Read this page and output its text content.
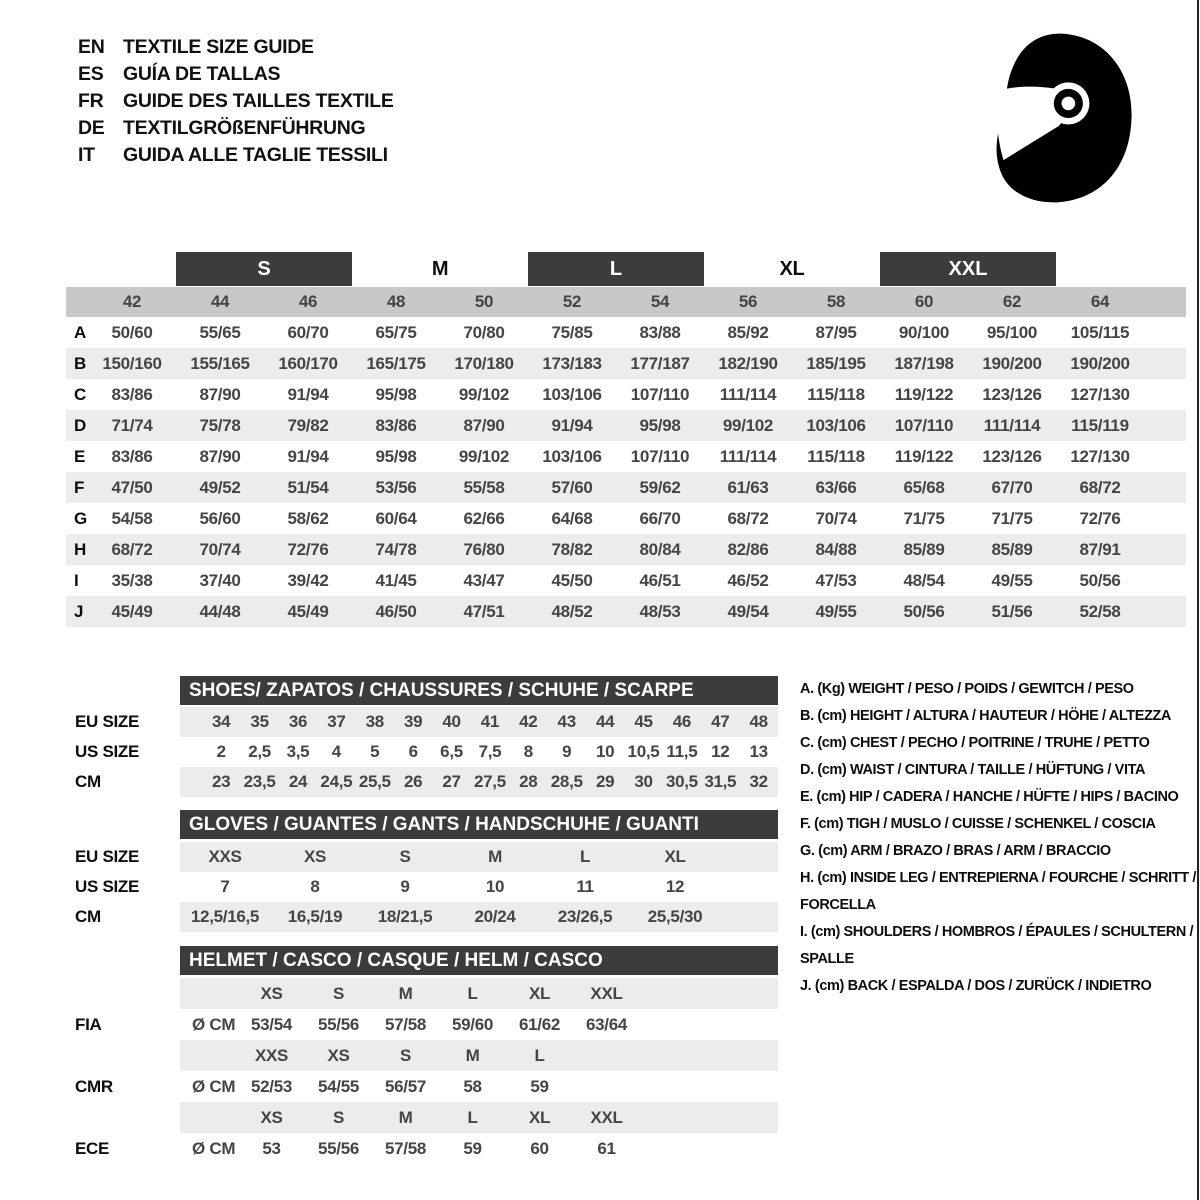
EN TEXTILE SIZE GUIDE
ES	GUÍA DE TALLAS
FR	GUIDE DES TAILLES TEXTILE
DE TEXTILGRÖßENFÜHRUNG
IT	GUIDA ALLE TAGLIE TESSILI
S	M	L	XL	XXL
42	44	46	48	50	52	54	56	58	60	62	64
A	50/60	55/65	60/70	65/75	70/80	75/85	83/88	85/92	87/95	90/100	95/100	105/115
B 150/160	155/165	160/170	165/175	170/180	173/183	177/187	182/190	185/195	187/198	190/200	190/200
C	83/86	87/90	91/94	95/98	99/102	103/106	107/110	111/114	115/118	119/122	123/126	127/130
D	71/74	75/78	79/82	83/86	87/90	91/94	95/98	99/102	103/106	107/110	111/114	115/119
E	83/86	87/90	91/94	95/98	99/102	103/106	107/110	111/114	115/118	119/122	123/126	127/130
F	47/50	49/52	51/54	53/56	55/58	57/60	59/62	61/63	63/66	65/68	67/70	68/72
G	54/58	56/60	58/62	60/64	62/66	64/68	66/70	68/72	70/74	71/75	71/75	72/76
H	68/72	70/74	72/76	74/78	76/80	78/82	80/84	82/86	84/88	85/89	85/89	87/91
I	35/38	37/40	39/42	41/45	43/47	45/50	46/51	46/52	47/53	48/54	49/55	50/56
J	45/49	44/48	45/49	46/50	47/51	48/52	48/53	49/54	49/55	50/56	51/56	52/58
SHOES/ ZAPATOS / CHAUSSURES / SCHUHE / SCARPE
EU SIZE	34	35	36	37	38	39	40	41	42	43	44	45	46	47	48
US SIZE	2	2,5 3,5	4	5	6	6,5 7,5	8	9	10 10,5 11,5 12	13
CM	23 23,5 24 24,5 25,5 26	27 27,5 28 28,5 29	30 30,5 31,5 32
GLOVES / GUANTES / GANTS / HANDSCHUHE / GUANTI
EU SIZE	XXS	XS	S	M	L	XL
US SIZE	7	8	9	10	11	12
CM	12,5/16,5	16,5/19	18/21,5	20/24	23/26,5	25,5/30
HELMET / CASCO / CASQUE / HELM / CASCO
XS	S	M	L	XL	XXL
FIA	Ø CM 53/54	55/56	57/58	59/60	61/62	63/64
XXS	XS	S	M	L
CMR	Ø CM 52/53	54/55	56/57	58	59
XS	S	M	L	XL	XXL
ECE	Ø CM	53	55/56	57/58	59	60	61
A. (Kg) WEIGHT / PESO / POIDS / GEWITCH / PESO
B. (cm) HEIGHT / ALTURA / HAUTEUR / HÖHE / ALTEZZA
C. (cm) CHEST / PECHO / POITRINE / TRUHE / PETTO
D. (cm) WAIST / CINTURA / TAILLE / HÜFTUNG / VITA
E. (cm) HIP / CADERA / HANCHE / HÜFTE / HIPS / BACINO
F. (cm) TIGH / MUSLO / CUISSE / SCHENKEL / COSCIA
G. (cm) ARM / BRAZO / BRAS / ARM / BRACCIO
H. (cm) INSIDE LEG / ENTREPIERNA / FOURCHE / SCHRITT / FORCELLA
I. (cm) SHOULDERS / HOMBROS / ÉPAULES / SCHULTERN / SPALLE
J. (cm) BACK / ESPALDA / DOS / ZURÜCK / INDIETRO
